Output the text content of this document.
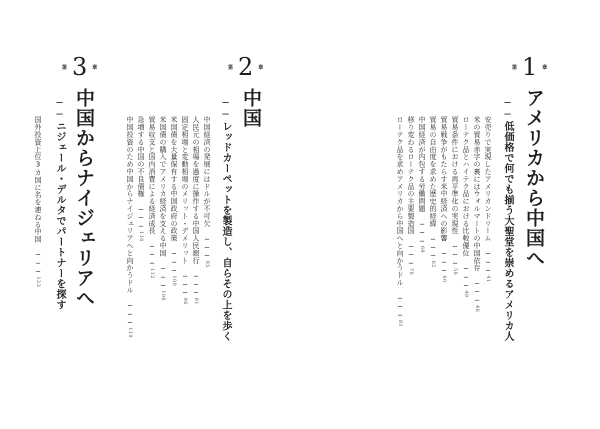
第 1 章
アメリカから中国へ
──低価格で何でも揃う大聖堂を崇めるアメリカ人
安売りで実現したアメリカンドリーム ───41
米の貿易赤字の裏にはウォルマートの中国依存 ───46
ローテク品とハイテク品における比較優位 ───49
貿易条件における再平準化の実現性 ───56
貿易戦争がもたらす米中経済への影響 ───60
貿易の自由度を求めた歴史的経緯 ───65
中国経済が内包する労働問題 ───69
移り変わるローテク品の主要製造国 ───76
ローテク品を求めアメリカから中国へと向かうドル ───81
第 2 章
中国
──レッドカーペットを製造し、自らその上を歩く
中国経済の発展にはドルが不可欠 ───85
人民元の相場を過度に操作する中国人民銀行 ───91
固定相場と変動相場のメリット・デメリット ───96
米国債を大量保有する中国政府の政策 ───100
米国債の購入でアメリカ経済を支える中国 ───106
貿易収支と国内消費による経済成長 ───112
急増する中国の不良債権 ───116
中国投資のため中国からナイジェリアへと向かうドル ───119
第 3 章
中国からナイジェリアへ
──ニジェール・デルタでパートナーを探す
国外投資上位3カ国に名を連ねる中国 ───123
